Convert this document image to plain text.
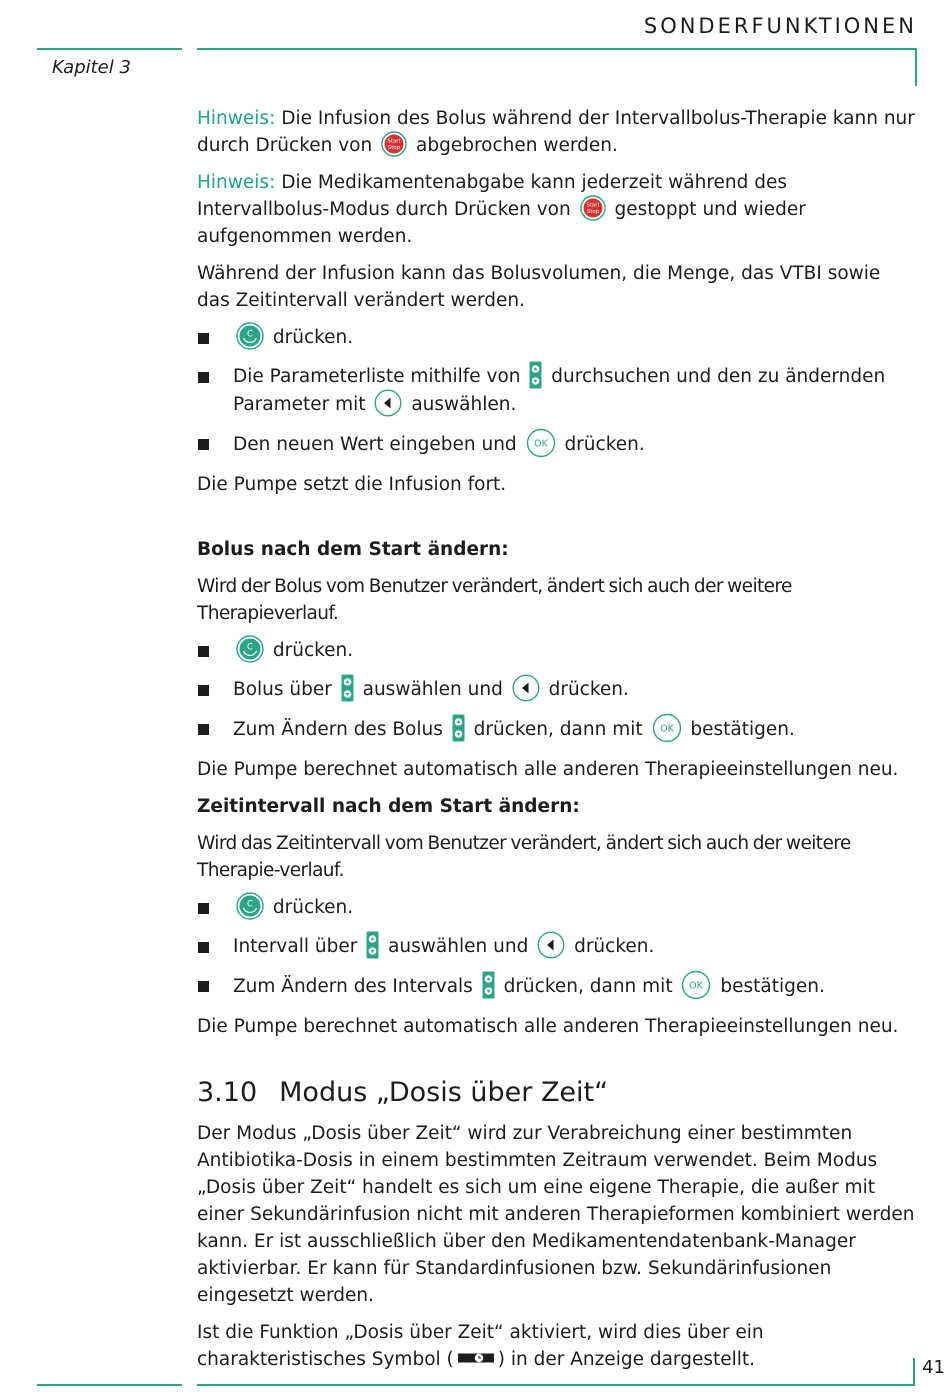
SONDERFUNKTIONEN
Kapitel 3

Hinweis: Die Infusion des Bolus während der Intervallbolus-Therapie kann nur durch Drücken von Start
Stop abgebrochen werden.

Hinweis: Die Medikamentenabgabe kann jederzeit während des Intervallbolus-Modus durch Drücken von Start
Stop gestoppt und wieder aufgenommen werden.

Während der Infusion kann das Bolusvolumen, die Menge, das VTBI sowie das Zeitintervall verändert werden.

C drücken.
Die Parameterliste mithilfe von
durchsuchen und den zu ändernden Parameter mit
auswählen.
Den neuen Wert eingeben und OK drücken.

Die Pumpe setzt die Infusion fort.

Bolus nach dem Start ändern:

Wird der Bolus vom Benutzer verändert, ändert sich auch der weitere Therapieverlauf.

C drücken.
Bolus über
auswählen und
drücken.
Zum Ändern des Bolus
drücken, dann mit OK bestätigen.

Die Pumpe berechnet automatisch alle anderen Therapieeinstellungen neu.

Zeitintervall nach dem Start ändern:

Wird das Zeitintervall vom Benutzer verändert, ändert sich auch der weitere Therapie-verlauf.

C drücken.
Intervall über
auswählen und
drücken.
Zum Ändern des Intervals
drücken, dann mit OK bestätigen.

Die Pumpe berechnet automatisch alle anderen Therapieeinstellungen neu.

3.10 Modus „Dosis über Zeit“

Der Modus „Dosis über Zeit“ wird zur Verabreichung einer bestimmten Antibiotika-Dosis in einem bestimmten Zeitraum verwendet. Beim Modus „Dosis über Zeit“ handelt es sich um eine eigene Therapie, die außer mit einer Sekundärinfusion nicht mit anderen Therapieformen kombiniert werden kann. Er ist ausschließlich über den Medikamentendatenbank-Manager aktivierbar. Er kann für Standardinfusionen bzw. Sekundärinfusionen eingesetzt werden.

Ist die Funktion „Dosis über Zeit“ aktiviert, wird dies über ein charakteristisches Symbol ( ) in der Anzeige dargestellt.	41
